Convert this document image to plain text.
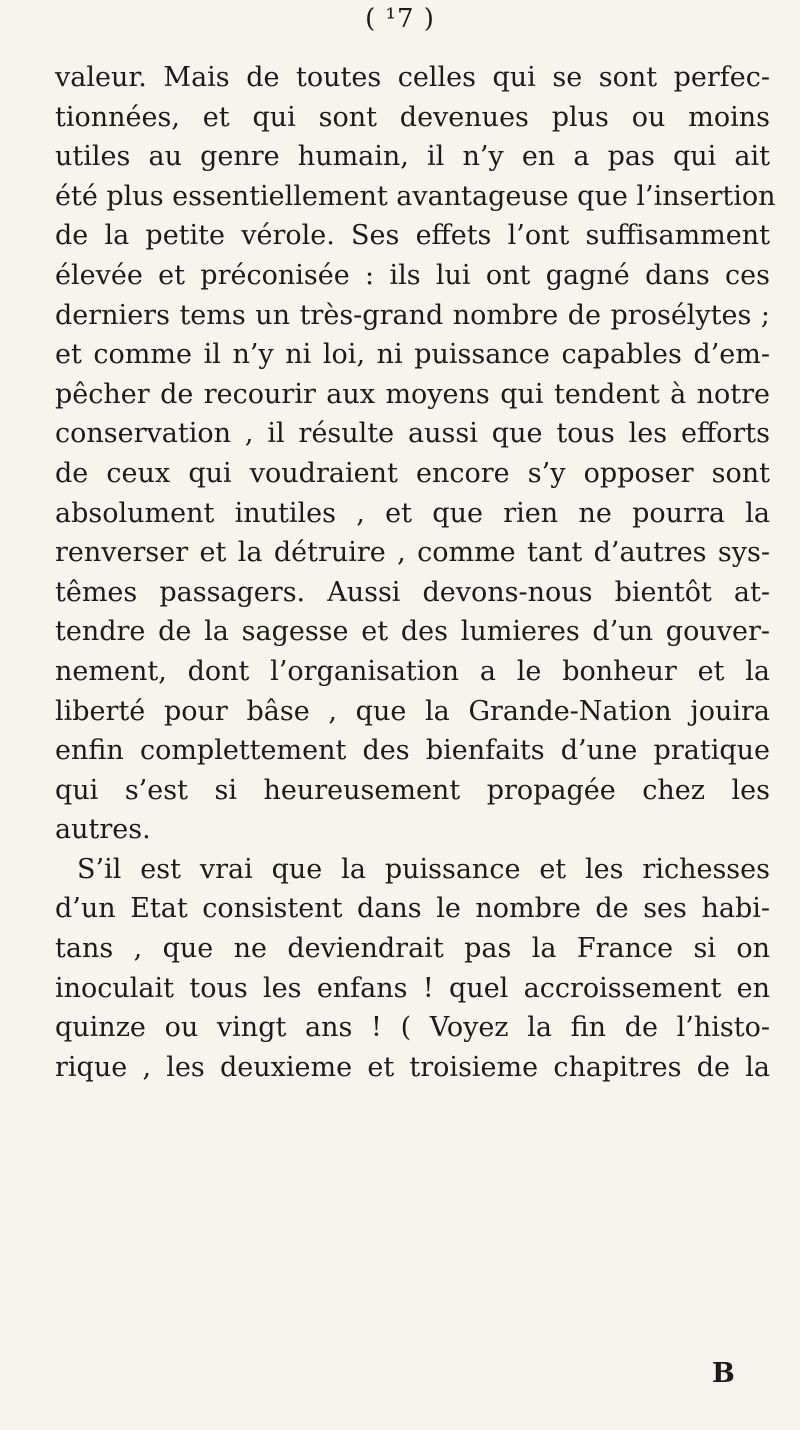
( ¹7 )
valeur. Mais de toutes celles qui se sont perfec-
tionnées, et qui sont devenues plus ou moins
utiles au genre humain, il n’y en a pas qui ait
été plus essentiellement avantageuse que l’insertion
de la petite vérole. Ses effets l’ont suffisamment
élevée et préconisée : ils lui ont gagné dans ces
derniers tems un très-grand nombre de prosélytes ;
et comme il n’y ni loi, ni puissance capables d’em-
pêcher de recourir aux moyens qui tendent à notre
conservation , il résulte aussi que tous les efforts
de ceux qui voudraient encore s’y opposer sont
absolument inutiles , et que rien ne pourra la
renverser et la détruire , comme tant d’autres sys-
têmes passagers. Aussi devons-nous bientôt at-
tendre de la sagesse et des lumieres d’un gouver-
nement, dont l’organisation a le bonheur et la
liberté pour bâse , que la Grande-Nation jouira
enfin complettement des bienfaits d’une pratique
qui s’est si heureusement propagée chez les
autres.
S’il est vrai que la puissance et les richesses
d’un Etat consistent dans le nombre de ses habi-
tans , que ne deviendrait pas la France si on
inoculait tous les enfans ! quel accroissement en
quinze ou vingt ans ! ( Voyez la fin de l’histo-
rique , les deuxieme et troisieme chapitres de la
B
